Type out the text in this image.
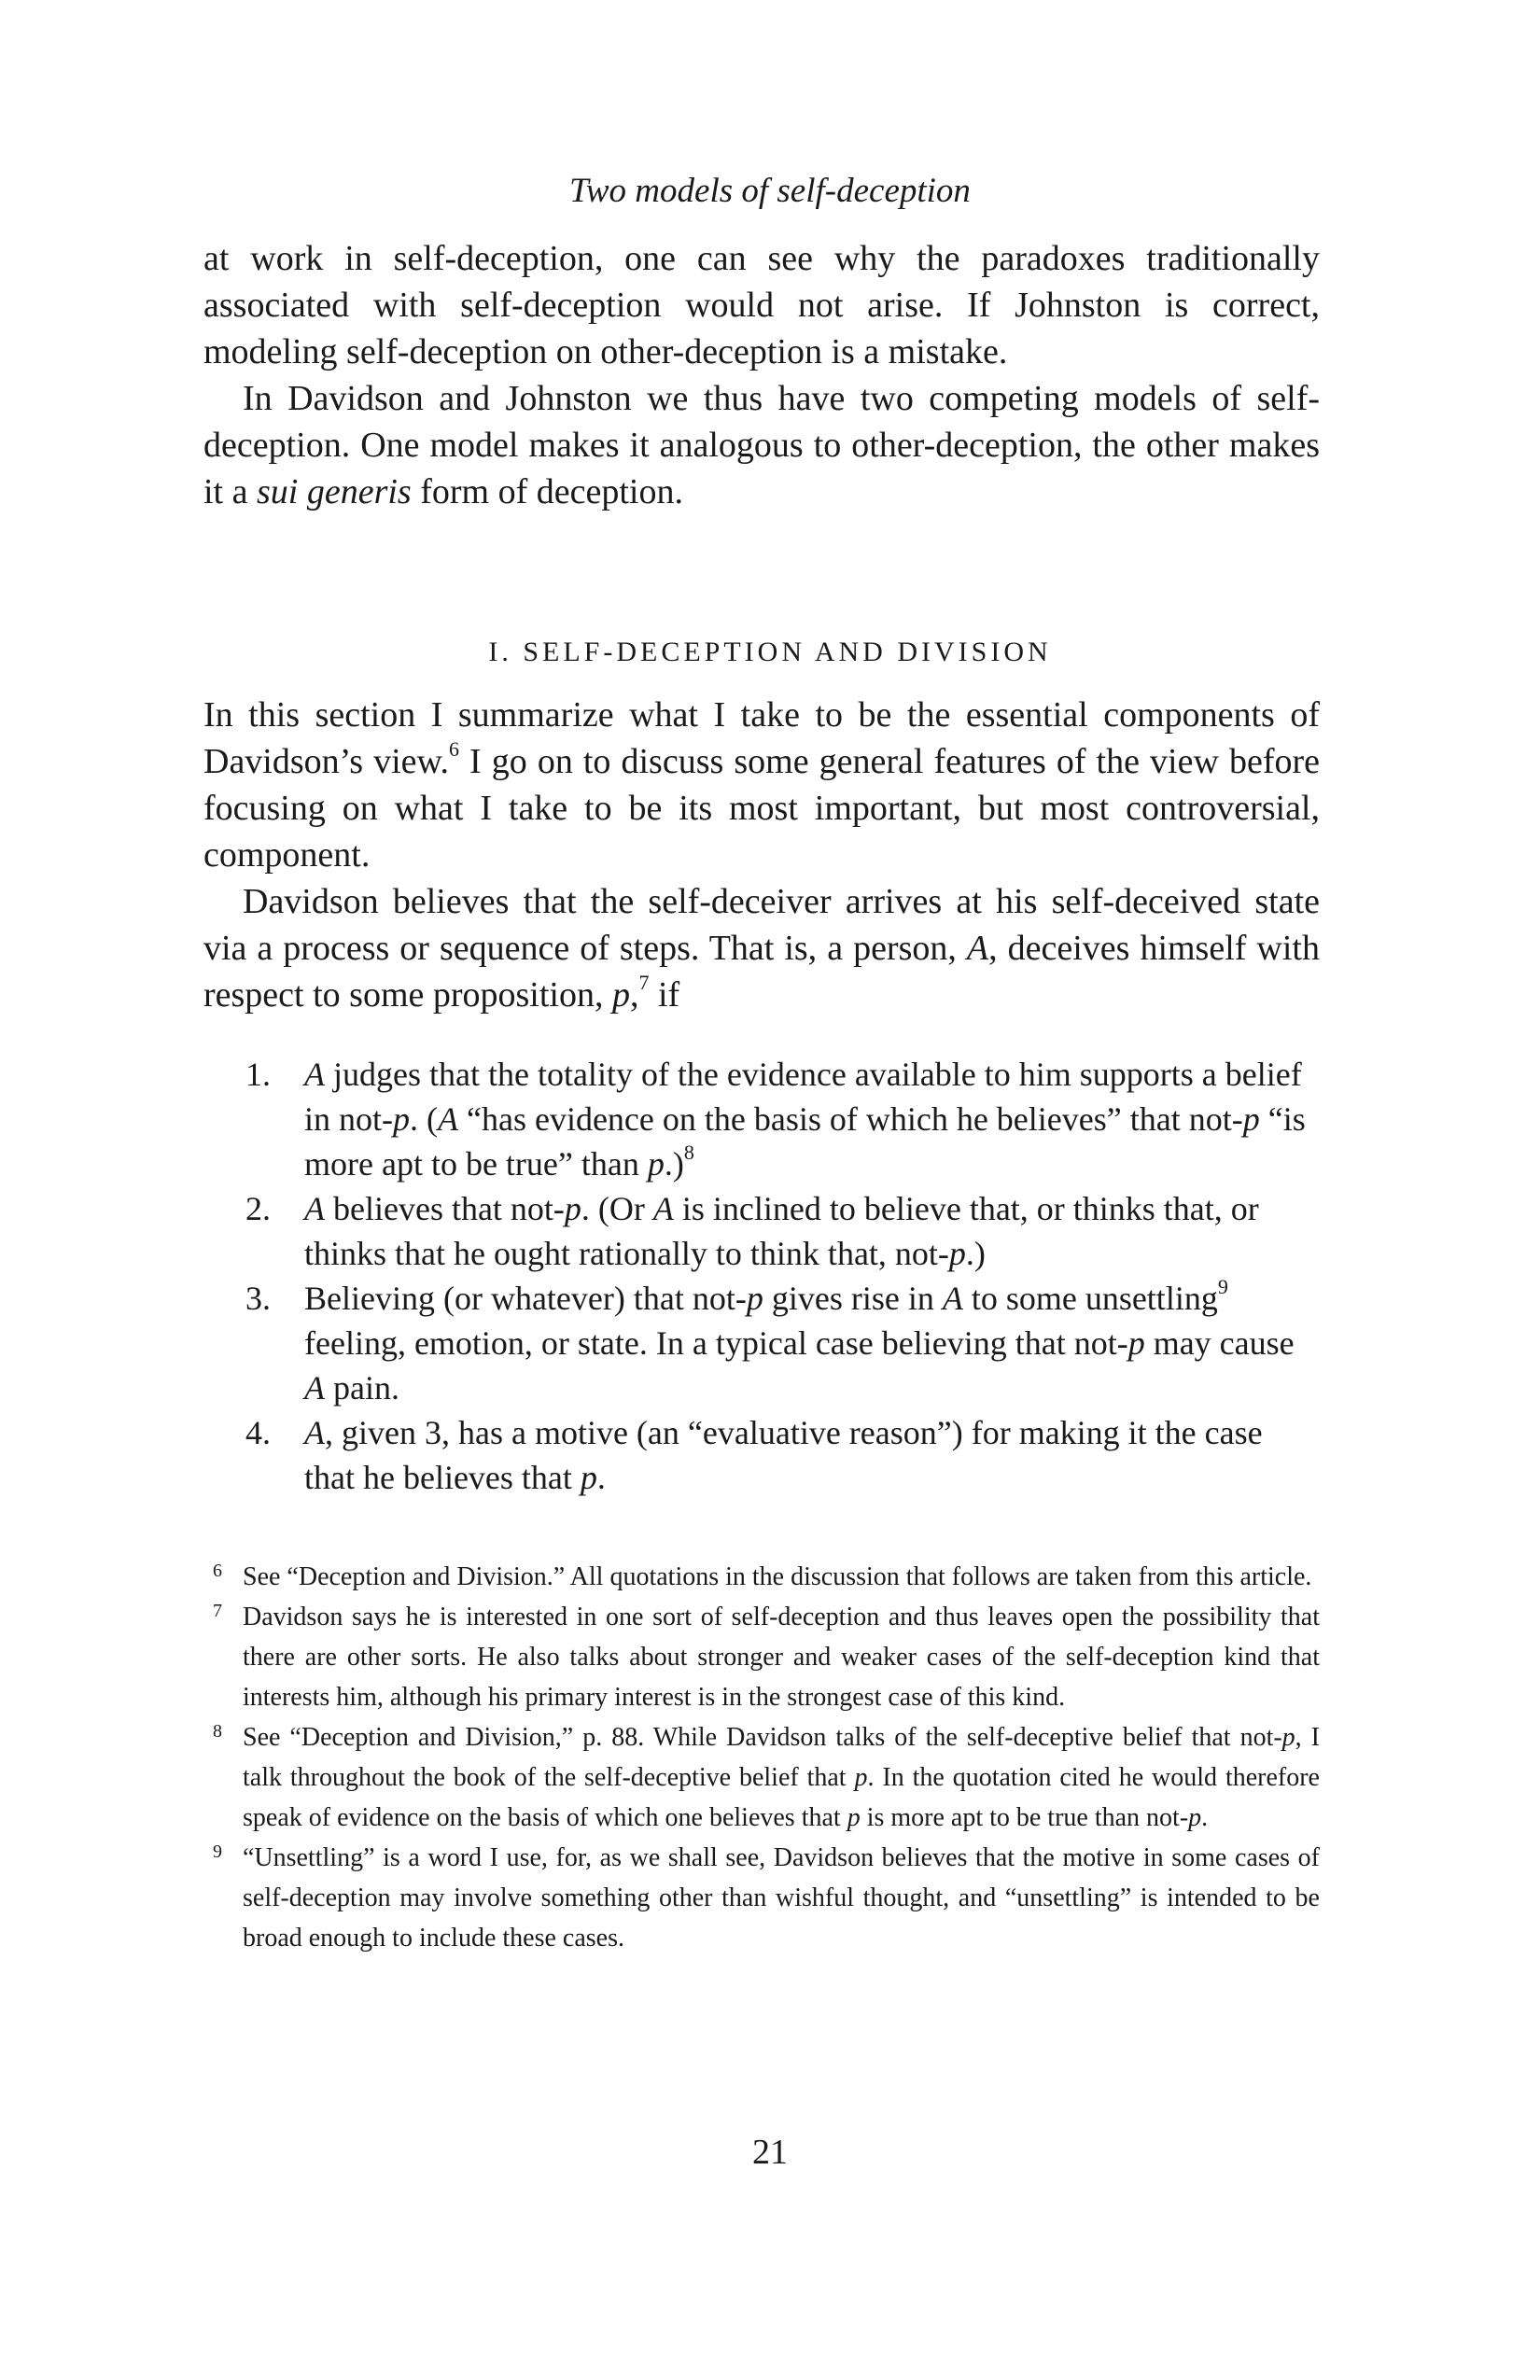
Two models of self-deception

at work in self-deception, one can see why the paradoxes traditionally associated with self-deception would not arise. If Johnston is correct, modeling self-deception on other-deception is a mistake.

In Davidson and Johnston we thus have two competing models of self-deception. One model makes it analogous to other-deception, the other makes it a sui generis form of deception.

I. SELF-DECEPTION AND DIVISION

In this section I summarize what I take to be the essential components of Davidson’s view.$^6$ I go on to discuss some general features of the view before focusing on what I take to be its most important, but most controversial, component.

Davidson believes that the self-deceiver arrives at his self-deceived state via a process or sequence of steps. That is, a person, A, deceives himself with respect to some proposition, p,$^7$ if

1. A judges that the totality of the evidence available to him supports a belief in not-p. (A “has evidence on the basis of which he believes” that not-p “is more apt to be true” than p.)$^8$
2. A believes that not-p. (Or A is inclined to believe that, or thinks that, or thinks that he ought rationally to think that, not-p.)
3. Believing (or whatever) that not-p gives rise in A to some unsettling$^9$ feeling, emotion, or state. In a typical case believing that not-p may cause A pain.
4. A, given 3, has a motive (an “evaluative reason”) for making it the case that he believes that p.

6 See “Deception and Division.” All quotations in the discussion that follows are taken from this article.

7 Davidson says he is interested in one sort of self-deception and thus leaves open the possibility that there are other sorts. He also talks about stronger and weaker cases of the self-deception kind that interests him, although his primary interest is in the strongest case of this kind.

8 See “Deception and Division,” p. 88. While Davidson talks of the self-deceptive belief that not-p, I talk throughout the book of the self-deceptive belief that p. In the quotation cited he would therefore speak of evidence on the basis of which one believes that p is more apt to be true than not-p.

9 “Unsettling” is a word I use, for, as we shall see, Davidson believes that the motive in some cases of self-deception may involve something other than wishful thought, and “unsettling” is intended to be broad enough to include these cases.

21
